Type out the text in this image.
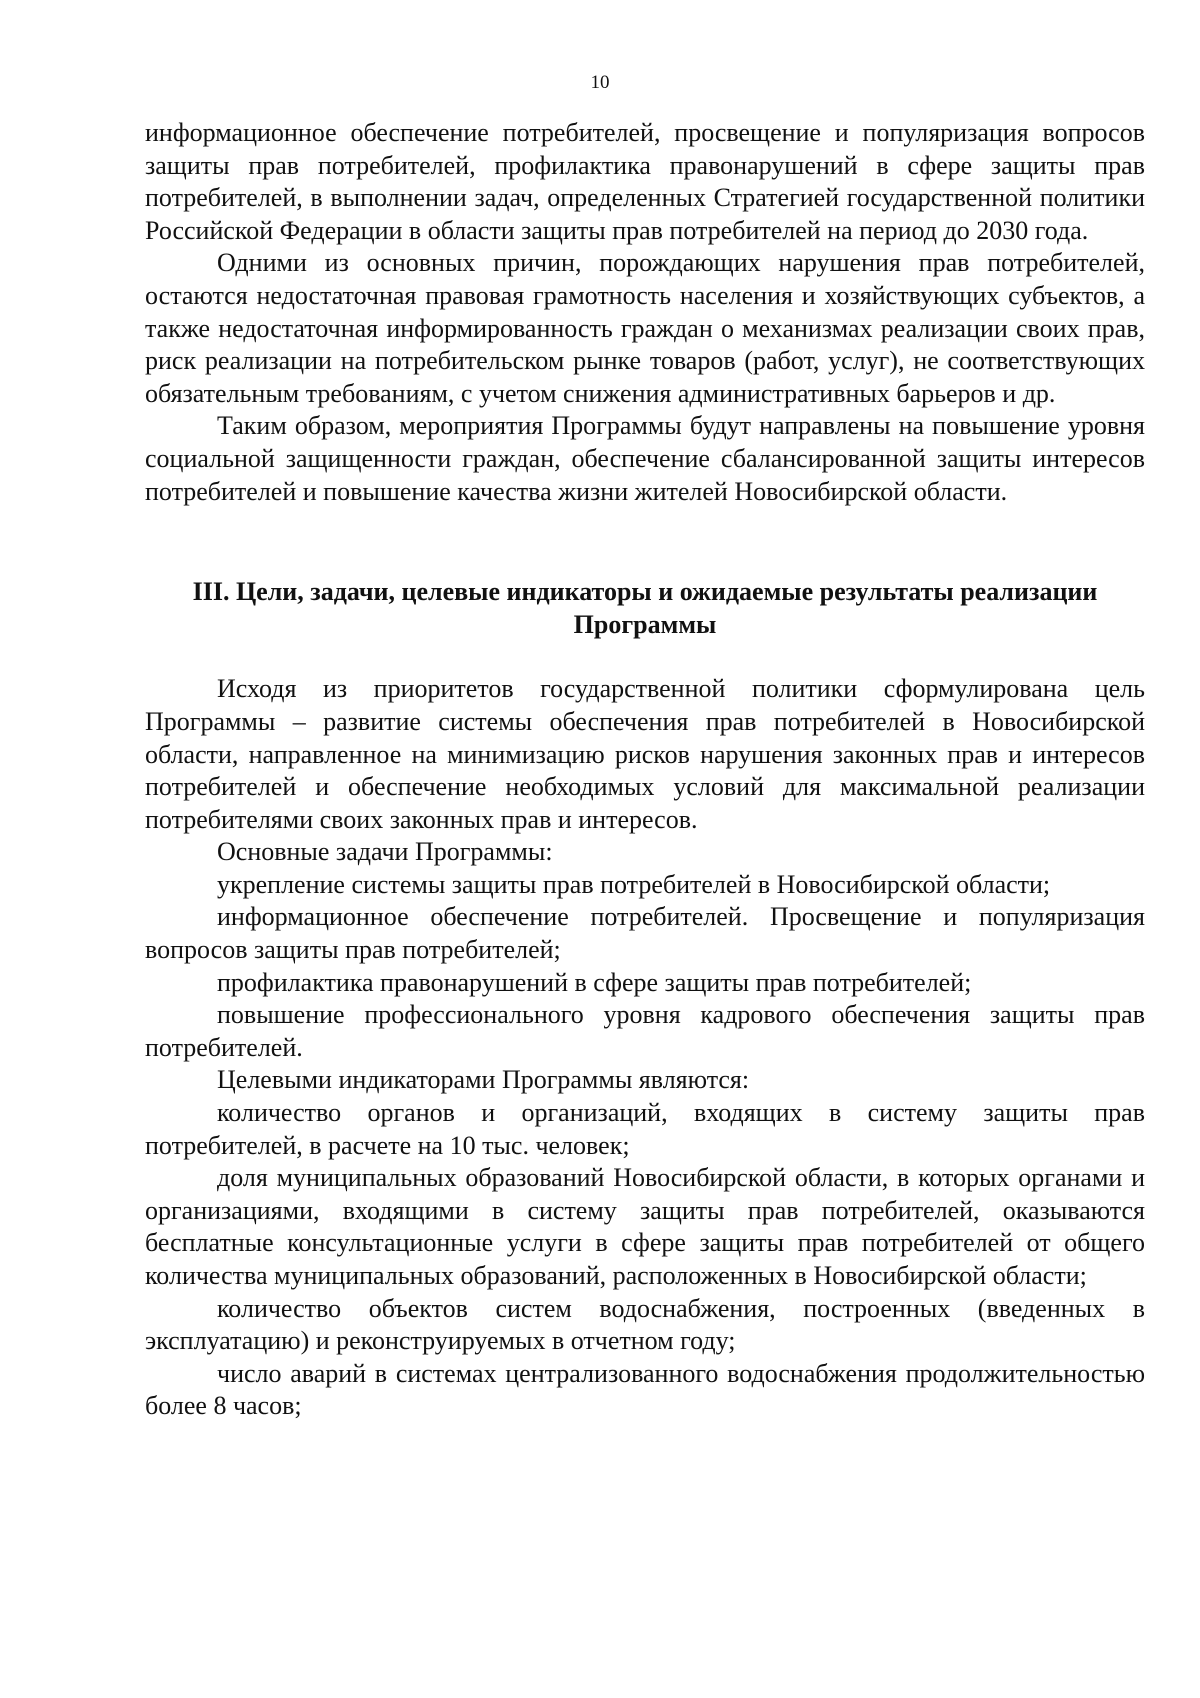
10

информационное обеспечение потребителей, просвещение и популяризация вопросов защиты прав потребителей, профилактика правонарушений в сфере защиты прав потребителей, в выполнении задач, определенных Стратегией государственной политики Российской Федерации в области защиты прав потребителей на период до 2030 года.

Одними из основных причин, порождающих нарушения прав потребителей, остаются недостаточная правовая грамотность населения и хозяйствующих субъектов, а также недостаточная информированность граждан о механизмах реализации своих прав, риск реализации на потребительском рынке товаров (работ, услуг), не соответствующих обязательным требованиям, с учетом снижения административных барьеров и др.

Таким образом, мероприятия Программы будут направлены на повышение уровня социальной защищенности граждан, обеспечение сбалансированной защиты интересов потребителей и повышение качества жизни жителей Новосибирской области.

III. Цели, задачи, целевые индикаторы и ожидаемые результаты реализации
Программы

Исходя из приоритетов государственной политики сформулирована цель Программы – развитие системы обеспечения прав потребителей в Новосибирской области, направленное на минимизацию рисков нарушения законных прав и интересов потребителей и обеспечение необходимых условий для максимальной реализации потребителями своих законных прав и интересов.

Основные задачи Программы:

укрепление системы защиты прав потребителей в Новосибирской области;

информационное обеспечение потребителей. Просвещение и популяризация вопросов защиты прав потребителей;

профилактика правонарушений в сфере защиты прав потребителей;

повышение профессионального уровня кадрового обеспечения защиты прав потребителей.

Целевыми индикаторами Программы являются:

количество органов и организаций, входящих в систему защиты прав потребителей, в расчете на 10 тыс. человек;

доля муниципальных образований Новосибирской области, в которых органами и организациями, входящими в систему защиты прав потребителей, оказываются бесплатные консультационные услуги в сфере защиты прав потребителей от общего количества муниципальных образований, расположенных в Новосибирской области;

количество объектов систем водоснабжения, построенных (введенных в эксплуатацию) и реконструируемых в отчетном году;

число аварий в системах централизованного водоснабжения продолжительностью более 8 часов;
